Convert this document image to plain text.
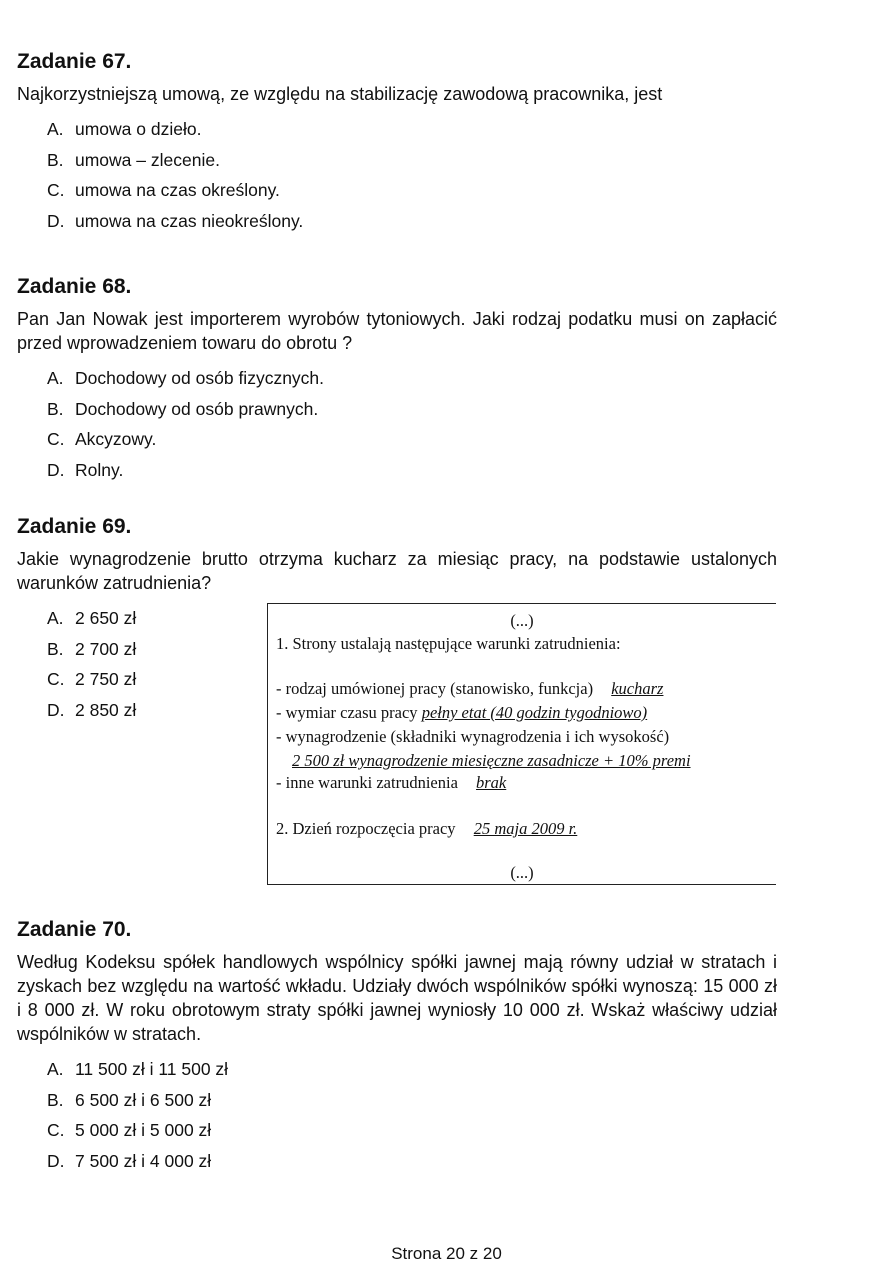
Zadanie 67.

Najkorzystniejszą umową, ze względu na stabilizację zawodową pracownika, jest

A. umowa o dzieło.
B. umowa – zlecenie.
C. umowa na czas określony.
D. umowa na czas nieokreślony.
Zadanie 68.

Pan Jan Nowak jest importerem wyrobów tytoniowych. Jaki rodzaj podatku musi on zapłacić przed wprowadzeniem towaru do obrotu ?

A. Dochodowy od osób fizycznych.
B. Dochodowy od osób prawnych.
C. Akcyzowy.
D. Rolny.
Zadanie 69.

Jakie wynagrodzenie brutto otrzyma kucharz za miesiąc pracy, na podstawie ustalonych warunków zatrudnienia?

A. 2 650 zł
B. 2 700 zł
C. 2 750 zł
D. 2 850 zł
(...)
1. Strony ustalają następujące warunki zatrudnienia:
- rodzaj umówionej pracy (stanowisko, funkcja) kucharz
- wymiar czasu pracy pełny etat (40 godzin tygodniowo)
- wynagrodzenie (składniki wynagrodzenia i ich wysokość)
2 500 zł wynagrodzenie miesięczne zasadnicze + 10% premi
- inne warunki zatrudnienia brak
2. Dzień rozpoczęcia pracy 25 maja 2009 r.
(...)
Zadanie 70.

Według Kodeksu spółek handlowych wspólnicy spółki jawnej mają równy udział w stratach i zyskach bez względu na wartość wkładu. Udziały dwóch wspólników spółki wynoszą: 15 000 zł i 8 000 zł. W roku obrotowym straty spółki jawnej wyniosły 10 000 zł. Wskaż właściwy udział wspólników w stratach.

A. 11 500 zł i 11 500 zł
B. 6 500 zł i 6 500 zł
C. 5 000 zł i 5 000 zł
D. 7 500 zł i 4 000 zł
Strona 20 z 20
